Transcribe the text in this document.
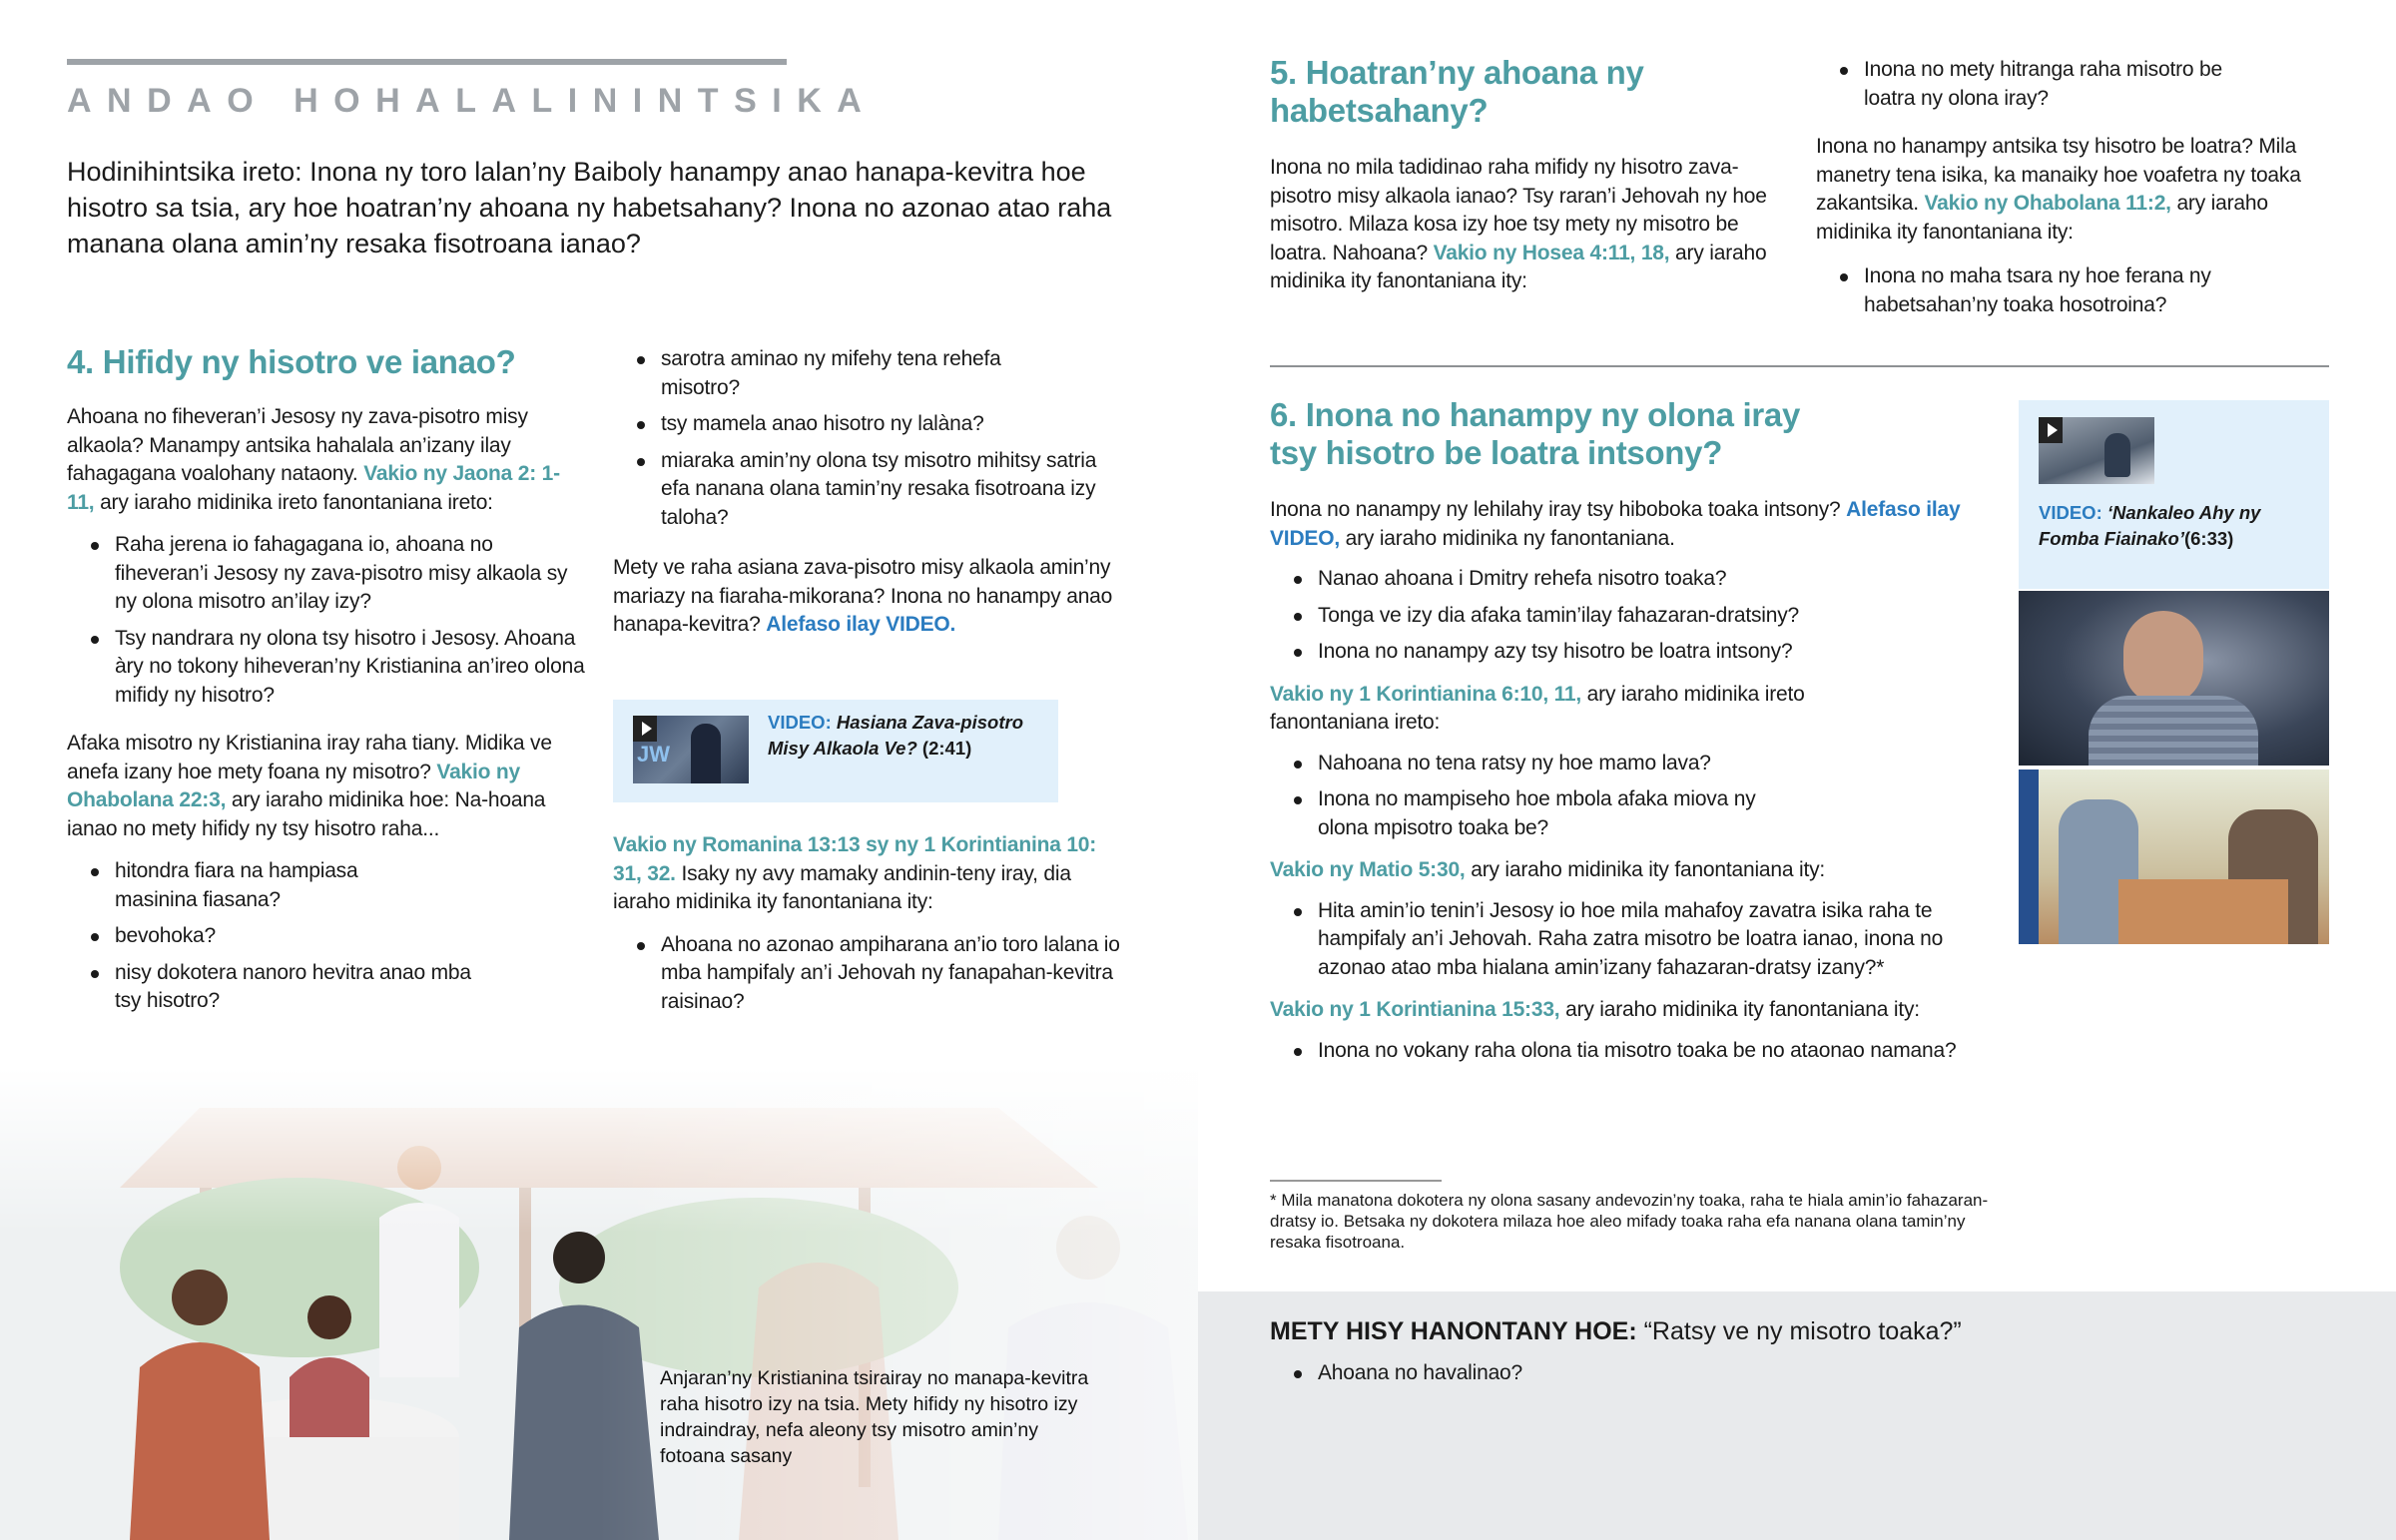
ANDAO HOHALALININTSIKA

Hodinihintsika ireto: Inona ny toro lalan’ny Baiboly hanampy anao hanapa-kevitra hoe hisotro sa tsia, ary hoe hoatran’ny ahoana ny habetsahany? Inona no azonao atao raha manana olana amin’ny resaka fisotroana ianao?

4. Hifidy ny hisotro ve ianao?

Ahoana no fiheveran’i Jesosy ny zava-pisotro misy alkaola? Manampy antsika hahalala an’izany ilay fahagagana voalohany nataony. Vakio ny Jaona 2: 1-11, ary iaraho midinika ireto fanontaniana ireto:

Raha jerena io fahagagana io, ahoana no fiheveran’i Jesosy ny zava-pisotro misy alkaola sy ny olona misotro an’ilay izy?
Tsy nandrara ny olona tsy hisotro i Jesosy. Ahoana àry no tokony hiheveran’ny Kristianina an’ireo olona mifidy ny hisotro?

Afaka misotro ny Kristianina iray raha tiany. Midika ve anefa izany hoe mety foana ny misotro? Vakio ny Ohabolana 22:3, ary iaraho midinika hoe: Na-hoana ianao no mety hifidy ny tsy hisotro raha...

hitondra fiara na hampiasa masinina fiasana?
bevohoka?
nisy dokotera nanoro hevitra anao mba tsy hisotro?
sarotra aminao ny mifehy tena rehefa misotro?
tsy mamela anao hisotro ny lalàna?
miaraka amin’ny olona tsy misotro mihitsy satria efa nanana olana tamin’ny resaka fisotroana izy taloha?

Mety ve raha asiana zava-pisotro misy alkaola amin’ny mariazy na fiaraha-mikorana? Inona no hanampy anao hanapa-kevitra? Alefaso ilay VIDEO.

JW
VIDEO: Hasiana Zava-pisotro Misy Alkaola Ve? (2:41)

Vakio ny Romanina 13:13 sy ny 1 Korintianina 10: 31, 32. Isaky ny avy mamaky andinin-teny iray, dia iaraho midinika ity fanontaniana ity:

Ahoana no azonao ampiharana an’io toro lalana io mba hampifaly an’i Jehovah ny fanapahan-kevitra raisinao?

Anjaran’ny Kristianina tsirairay no manapa-kevitra raha hisotro izy na tsia. Mety hifidy ny hisotro izy indraindray, nefa aleony tsy misotro amin’ny fotoana sasany

5. Hoatran’ny ahoana ny habetsahany?

Inona no mila tadidinao raha mifidy ny hisotro zava-pisotro misy alkaola ianao? Tsy raran’i Jehovah ny hoe misotro. Milaza kosa izy hoe tsy mety ny misotro be loatra. Nahoana? Vakio ny Hosea 4:11, 18, ary iaraho midinika ity fanontaniana ity:

Inona no mety hitranga raha misotro be loatra ny olona iray?

Inona no hanampy antsika tsy hisotro be loatra? Mila manetry tena isika, ka manaiky hoe voafetra ny toaka zakantsika. Vakio ny Ohabolana 11:2, ary iaraho midinika ity fanontaniana ity:

Inona no maha tsara ny hoe ferana ny habetsahan’ny toaka hosotroina?
6. Inona no hanampy ny olona iray tsy hisotro be loatra intsony?

Inona no nanampy ny lehilahy iray tsy hiboboka toaka intsony? Alefaso ilay VIDEO, ary iaraho midinika ny fanontaniana.

Nanao ahoana i Dmitry rehefa nisotro toaka?
Tonga ve izy dia afaka tamin’ilay fahazaran-dratsiny?
Inona no nanampy azy tsy hisotro be loatra intsony?

Vakio ny 1 Korintianina 6:10, 11, ary iaraho midinika ireto fanontaniana ireto:

Nahoana no tena ratsy ny hoe mamo lava?
Inona no mampiseho hoe mbola afaka miova ny olona mpisotro toaka be?

Vakio ny Matio 5:30, ary iaraho midinika ity fanontaniana ity:

Hita amin’io tenin’i Jesosy io hoe mila mahafoy zavatra isika raha te hampifaly an’i Jehovah. Raha zatra misotro be loatra ianao, inona no azonao atao mba hialana amin’izany fahazaran-dratsy izany?*

Vakio ny 1 Korintianina 15:33, ary iaraho midinika ity fanontaniana ity:

Inona no vokany raha olona tia misotro toaka be no ataonao namana?
VIDEO: ‘Nankaleo Ahy ny Fomba Fiainako’(6:33)

* Mila manatona dokotera ny olona sasany andevozin’ny toaka, raha te hiala amin’io fahazaran-dratsy io. Betsaka ny dokotera milaza hoe aleo mifady toaka raha efa nanana olana tamin’ny resaka fisotroana.

METY HISY HANONTANY HOE: “Ratsy ve ny misotro toaka?”
Ahoana no havalinao?
